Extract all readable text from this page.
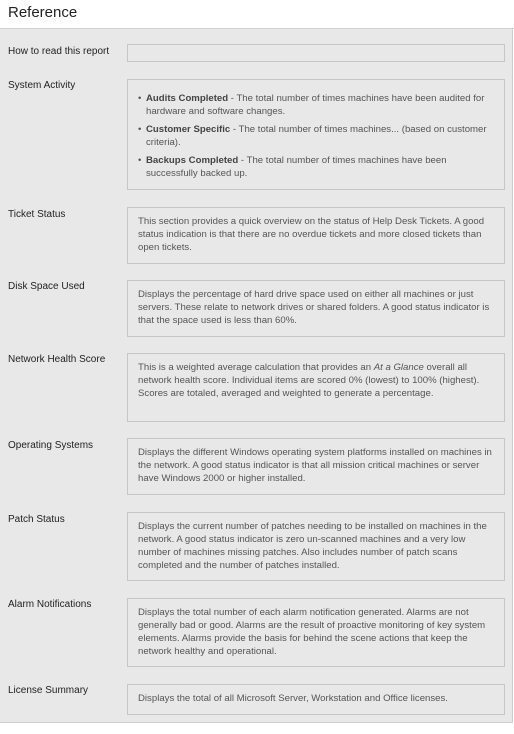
Reference
How to read this report
System Activity
• Audits Completed - The total number of times machines have been audited for hardware and software changes.
• Customer Specific - The total number of times machines... (based on customer criteria).
• Backups Completed - The total number of times machines have been successfully backed up.
Ticket Status
This section provides a quick overview on the status of Help Desk Tickets. A good status indication is that there are no overdue tickets and more closed tickets than open tickets.
Disk Space Used
Displays the percentage of hard drive space used on either all machines or just servers. These relate to network drives or shared folders. A good status indicator is that the space used is less than 60%.
Network Health Score
This is a weighted average calculation that provides an At a Glance overall all network health score. Individual items are scored 0% (lowest) to 100% (highest). Scores are totaled, averaged and weighted to generate a percentage.
Operating Systems
Displays the different Windows operating system platforms installed on machines in the network. A good status indicator is that all mission critical machines or server have Windows 2000 or higher installed.
Patch Status
Displays the current number of patches needing to be installed on machines in the network. A good status indicator is zero un-scanned machines and a very low number of machines missing patches. Also includes number of patch scans completed and the number of patches installed.
Alarm Notifications
Displays the total number of each alarm notification generated. Alarms are not generally bad or good. Alarms are the result of proactive monitoring of key system elements. Alarms provide the basis for behind the scene actions that keep the network healthy and operational.
License Summary
Displays the total of all Microsoft Server, Workstation and Office licenses.
